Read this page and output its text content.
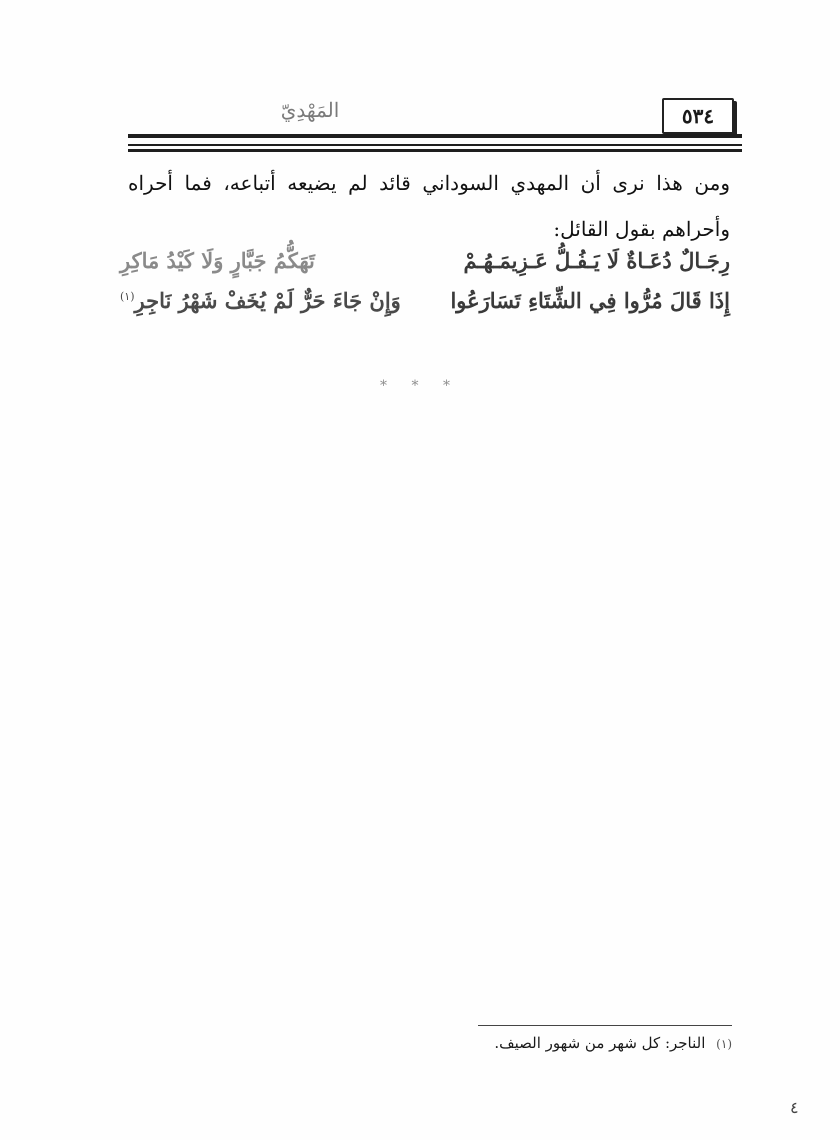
المَهْدِيّ	٥٣٤
ومن هذا نرى أن المهدي السوداني قائد لم يضيعه أتباعه، فما أحراه وأحراهم بقول القائل:
رِجَـالٌ دُعَـاةٌ لَا يَـفُـلُّ عَـزِيمَـهُـمْ
تَهَكُّمُ جَبَّارٍ وَلَا كَيْدُ مَاكِرِ
إِذَا قَالَ مُرُّوا فِي الشِّتَاءِ تَسَارَعُوا
وَإِنْ جَاءَ حَرٌّ لَمْ يُخَفْ شَهْرُ نَاجِرِ$^{(١)}$
* * *
(١) الناجر: كل شهر من شهور الصيف.
٤
